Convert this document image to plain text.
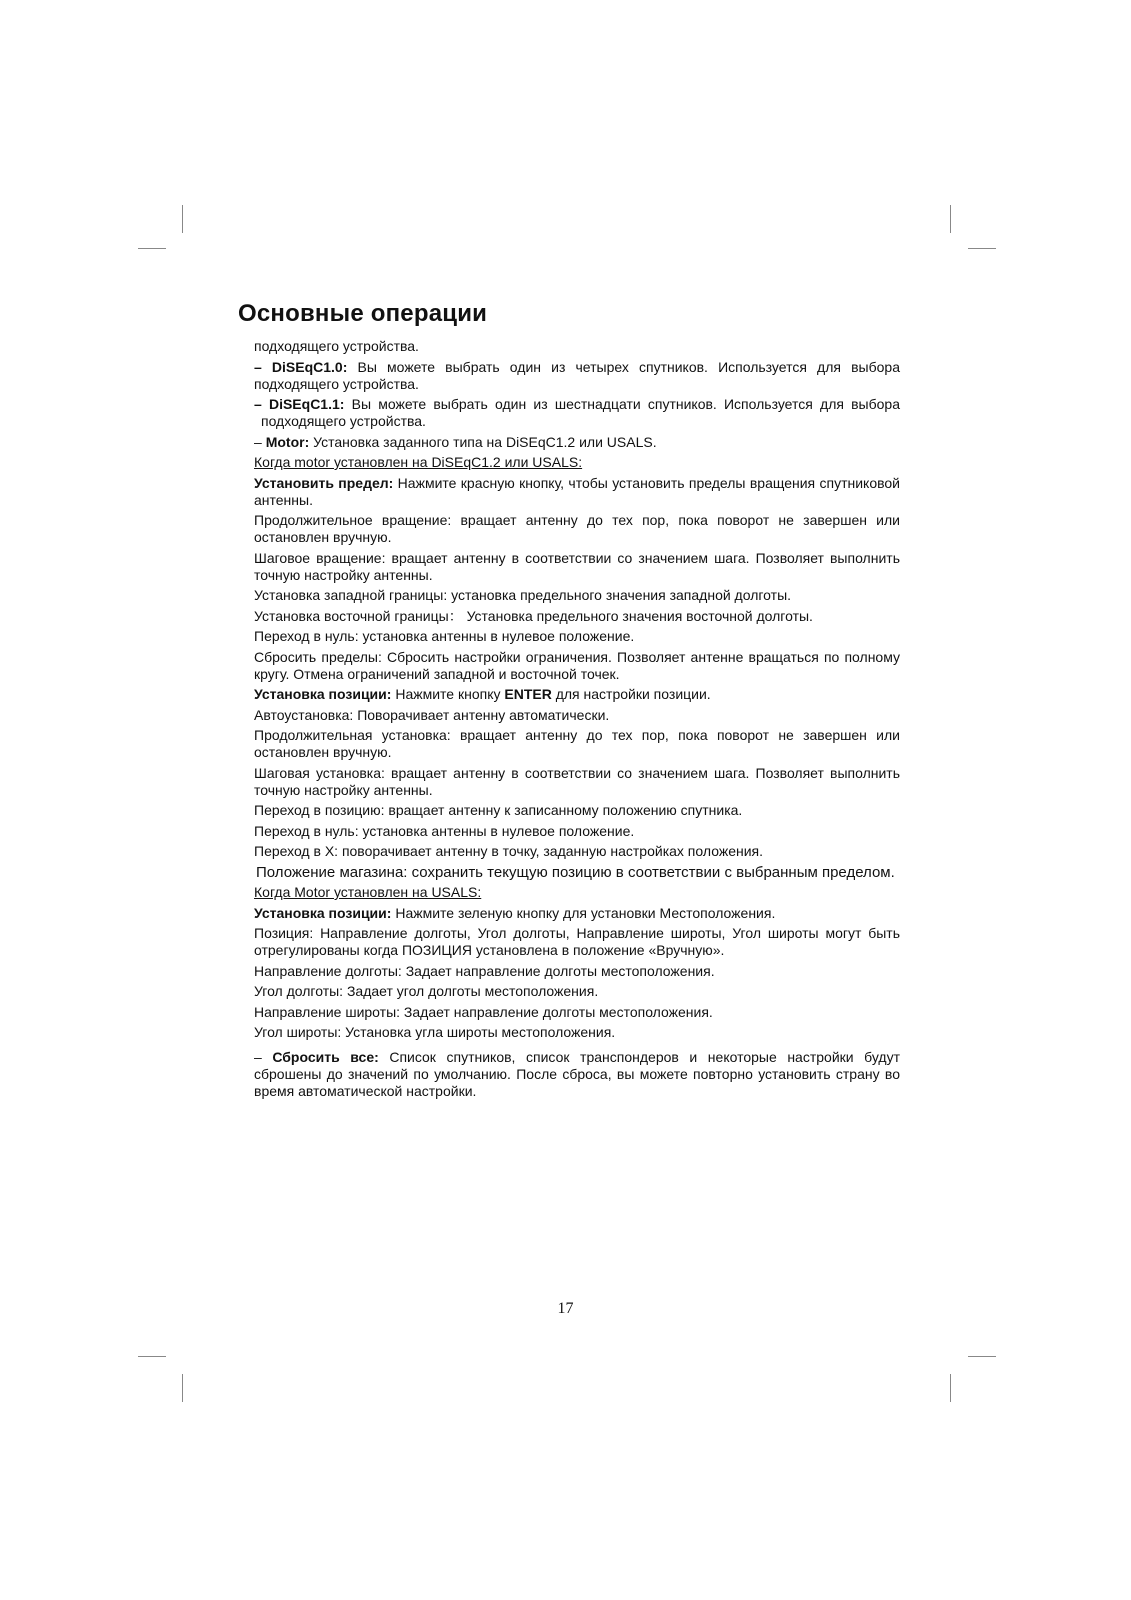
Основные операции

подходящего устройства.

– DiSEqC1.0: Вы можете выбрать один из четырех спутников. Используется для выбора подходящего устройства.

– DiSEqC1.1: Вы можете выбрать один из шестнадцати спутников. Используется для выбора подходящего устройства.

– Motor: Установка заданного типа на DiSEqC1.2 или USALS.

Когда motor установлен на DiSEqC1.2 или USALS:

Установить предел: Нажмите красную кнопку, чтобы установить пределы вращения спутниковой антенны.

Продолжительное вращение: вращает антенну до тех пор, пока поворот не завершен или остановлен вручную.

Шаговое вращение: вращает антенну в соответствии со значением шага. Позволяет выполнить точную настройку антенны.

Установка западной границы: установка предельного значения западной долготы.

Установка восточной границы： Установка предельного значения восточной долготы.

Переход в нуль: установка антенны в нулевое положение.

Сбросить пределы: Сбросить настройки ограничения. Позволяет антенне вращаться по полному кругу. Отмена ограничений западной и восточной точек.

Установка позиции: Нажмите кнопку ENTER для настройки позиции.

Автоустановка: Поворачивает антенну автоматически.

Продолжительная установка: вращает антенну до тех пор, пока поворот не завершен или остановлен вручную.

Шаговая установка: вращает антенну в соответствии со значением шага. Позволяет выполнить точную настройку антенны.

Переход в позицию: вращает антенну к записанному положению спутника.

Переход в нуль: установка антенны в нулевое положение.

Переход в X: поворачивает антенну в точку, заданную настройках положения.

Положение магазина: сохранить текущую позицию в соответствии с выбранным пределом.

Когда Motor установлен на USALS:

Установка позиции: Нажмите зеленую кнопку для установки Местоположения.

Позиция: Направление долготы, Угол долготы, Направление широты, Угол широты могут быть отрегулированы когда ПОЗИЦИЯ установлена в положение «Вручную».

Направление долготы: Задает направление долготы местоположения.

Угол долготы: Задает угол долготы местоположения.

Направление широты: Задает направление долготы местоположения.

Угол широты: Установка угла широты местоположения.

– Сбросить все: Список спутников, список транспондеров и некоторые настройки будут сброшены до значений по умолчанию. После сброса, вы можете повторно установить страну во время автоматической настройки.

17
